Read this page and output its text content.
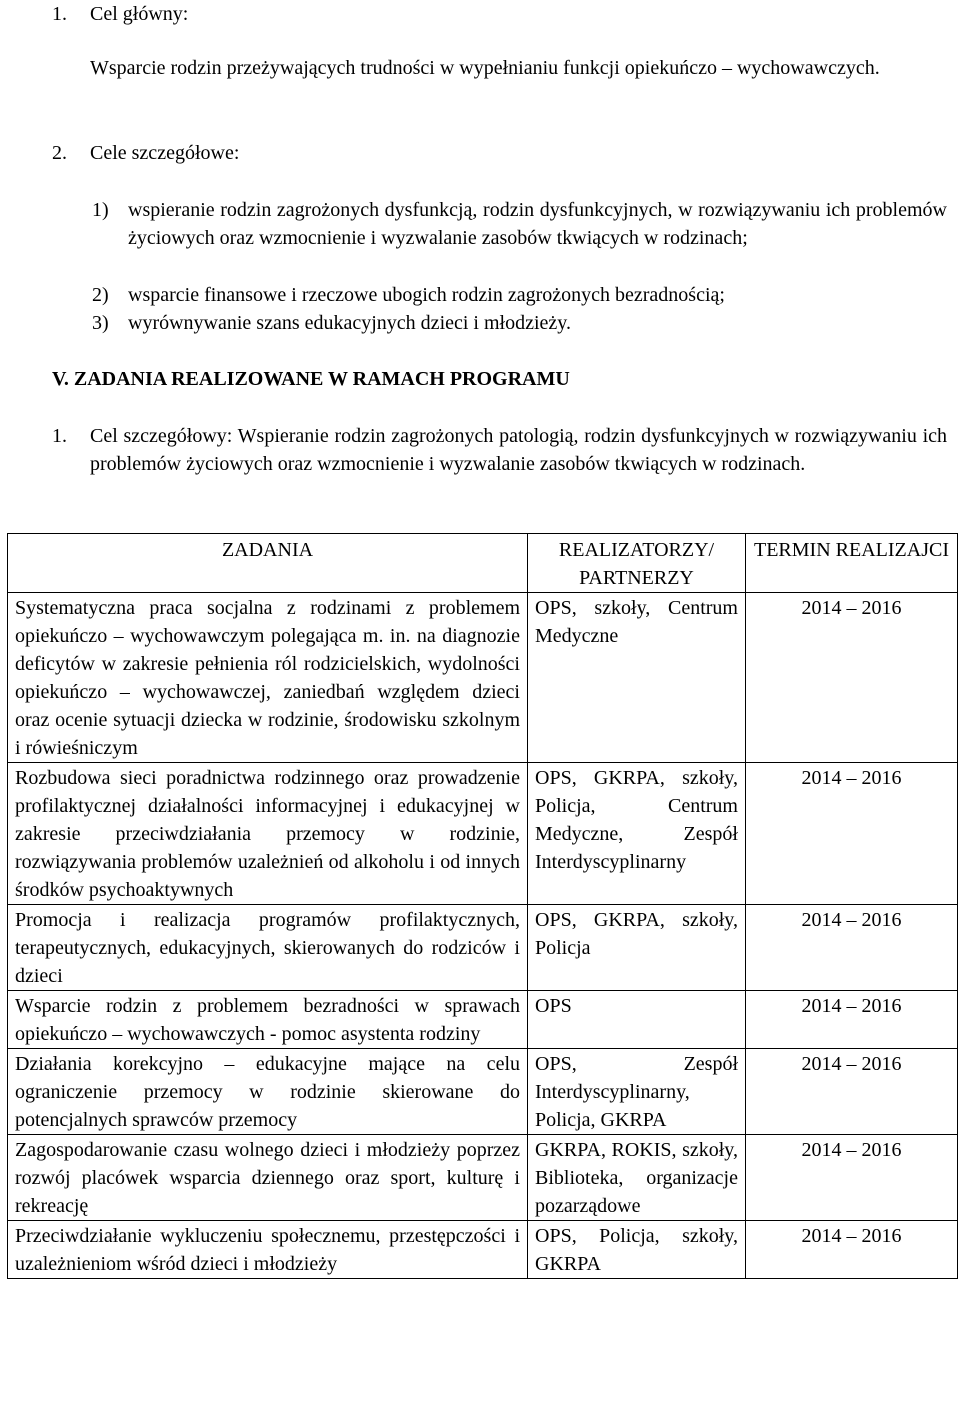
1. Cel główny:
Wsparcie rodzin przeżywających trudności w wypełnianiu funkcji opiekuńczo – wychowawczych.
2. Cele szczegółowe:
1) wspieranie rodzin zagrożonych dysfunkcją, rodzin dysfunkcyjnych, w rozwiązywaniu ich problemów życiowych oraz wzmocnienie i wyzwalanie zasobów tkwiących w rodzinach;
2) wsparcie finansowe i rzeczowe ubogich rodzin zagrożonych bezradnością;
3) wyrównywanie szans edukacyjnych dzieci i młodzieży.
V. ZADANIA REALIZOWANE W RAMACH PROGRAMU
1. Cel szczegółowy: Wspieranie rodzin zagrożonych patologią, rodzin dysfunkcyjnych w rozwiązywaniu ich problemów życiowych oraz wzmocnienie i wyzwalanie zasobów tkwiących w rodzinach.
ZADANIA	REALIZATORZY/ PARTNERZY	TERMIN REALIZAJCI
Systematyczna praca socjalna z rodzinami z problemem opiekuńczo – wychowawczym polegająca m. in. na diagnozie deficytów w zakresie pełnienia ról rodzicielskich, wydolności opiekuńczo – wychowawczej, zaniedbań względem dzieci oraz ocenie sytuacji dziecka w rodzinie, środowisku szkolnym i rówieśniczym	OPS, szkoły, Centrum Medyczne	2014 – 2016
Rozbudowa sieci poradnictwa rodzinnego oraz prowadzenie profilaktycznej działalności informacyjnej i edukacyjnej w zakresie przeciwdziałania przemocy w rodzinie, rozwiązywania problemów uzależnień od alkoholu i od innych środków psychoaktywnych	OPS, GKRPA, szkoły, Policja, Centrum Medyczne, Zespół Interdyscyplinarny	2014 – 2016
Promocja i realizacja programów profilaktycznych, terapeutycznych, edukacyjnych, skierowanych do rodziców i dzieci	OPS, GKRPA, szkoły, Policja	2014 – 2016
Wsparcie rodzin z problemem bezradności w sprawach opiekuńczo – wychowawczych - pomoc asystenta rodziny	OPS	2014 – 2016
Działania korekcyjno – edukacyjne mające na celu ograniczenie przemocy w rodzinie skierowane do potencjalnych sprawców przemocy	OPS, Zespół Interdyscyplinarny, Policja, GKRPA	2014 – 2016
Zagospodarowanie czasu wolnego dzieci i młodzieży poprzez rozwój placówek wsparcia dziennego oraz sport, kulturę i rekreację	GKRPA, ROKIS, szkoły, Biblioteka, organizacje pozarządowe	2014 – 2016
Przeciwdziałanie wykluczeniu społecznemu, przestępczości i uzależnieniom wśród dzieci i młodzieży	OPS, Policja, szkoły, GKRPA	2014 – 2016
